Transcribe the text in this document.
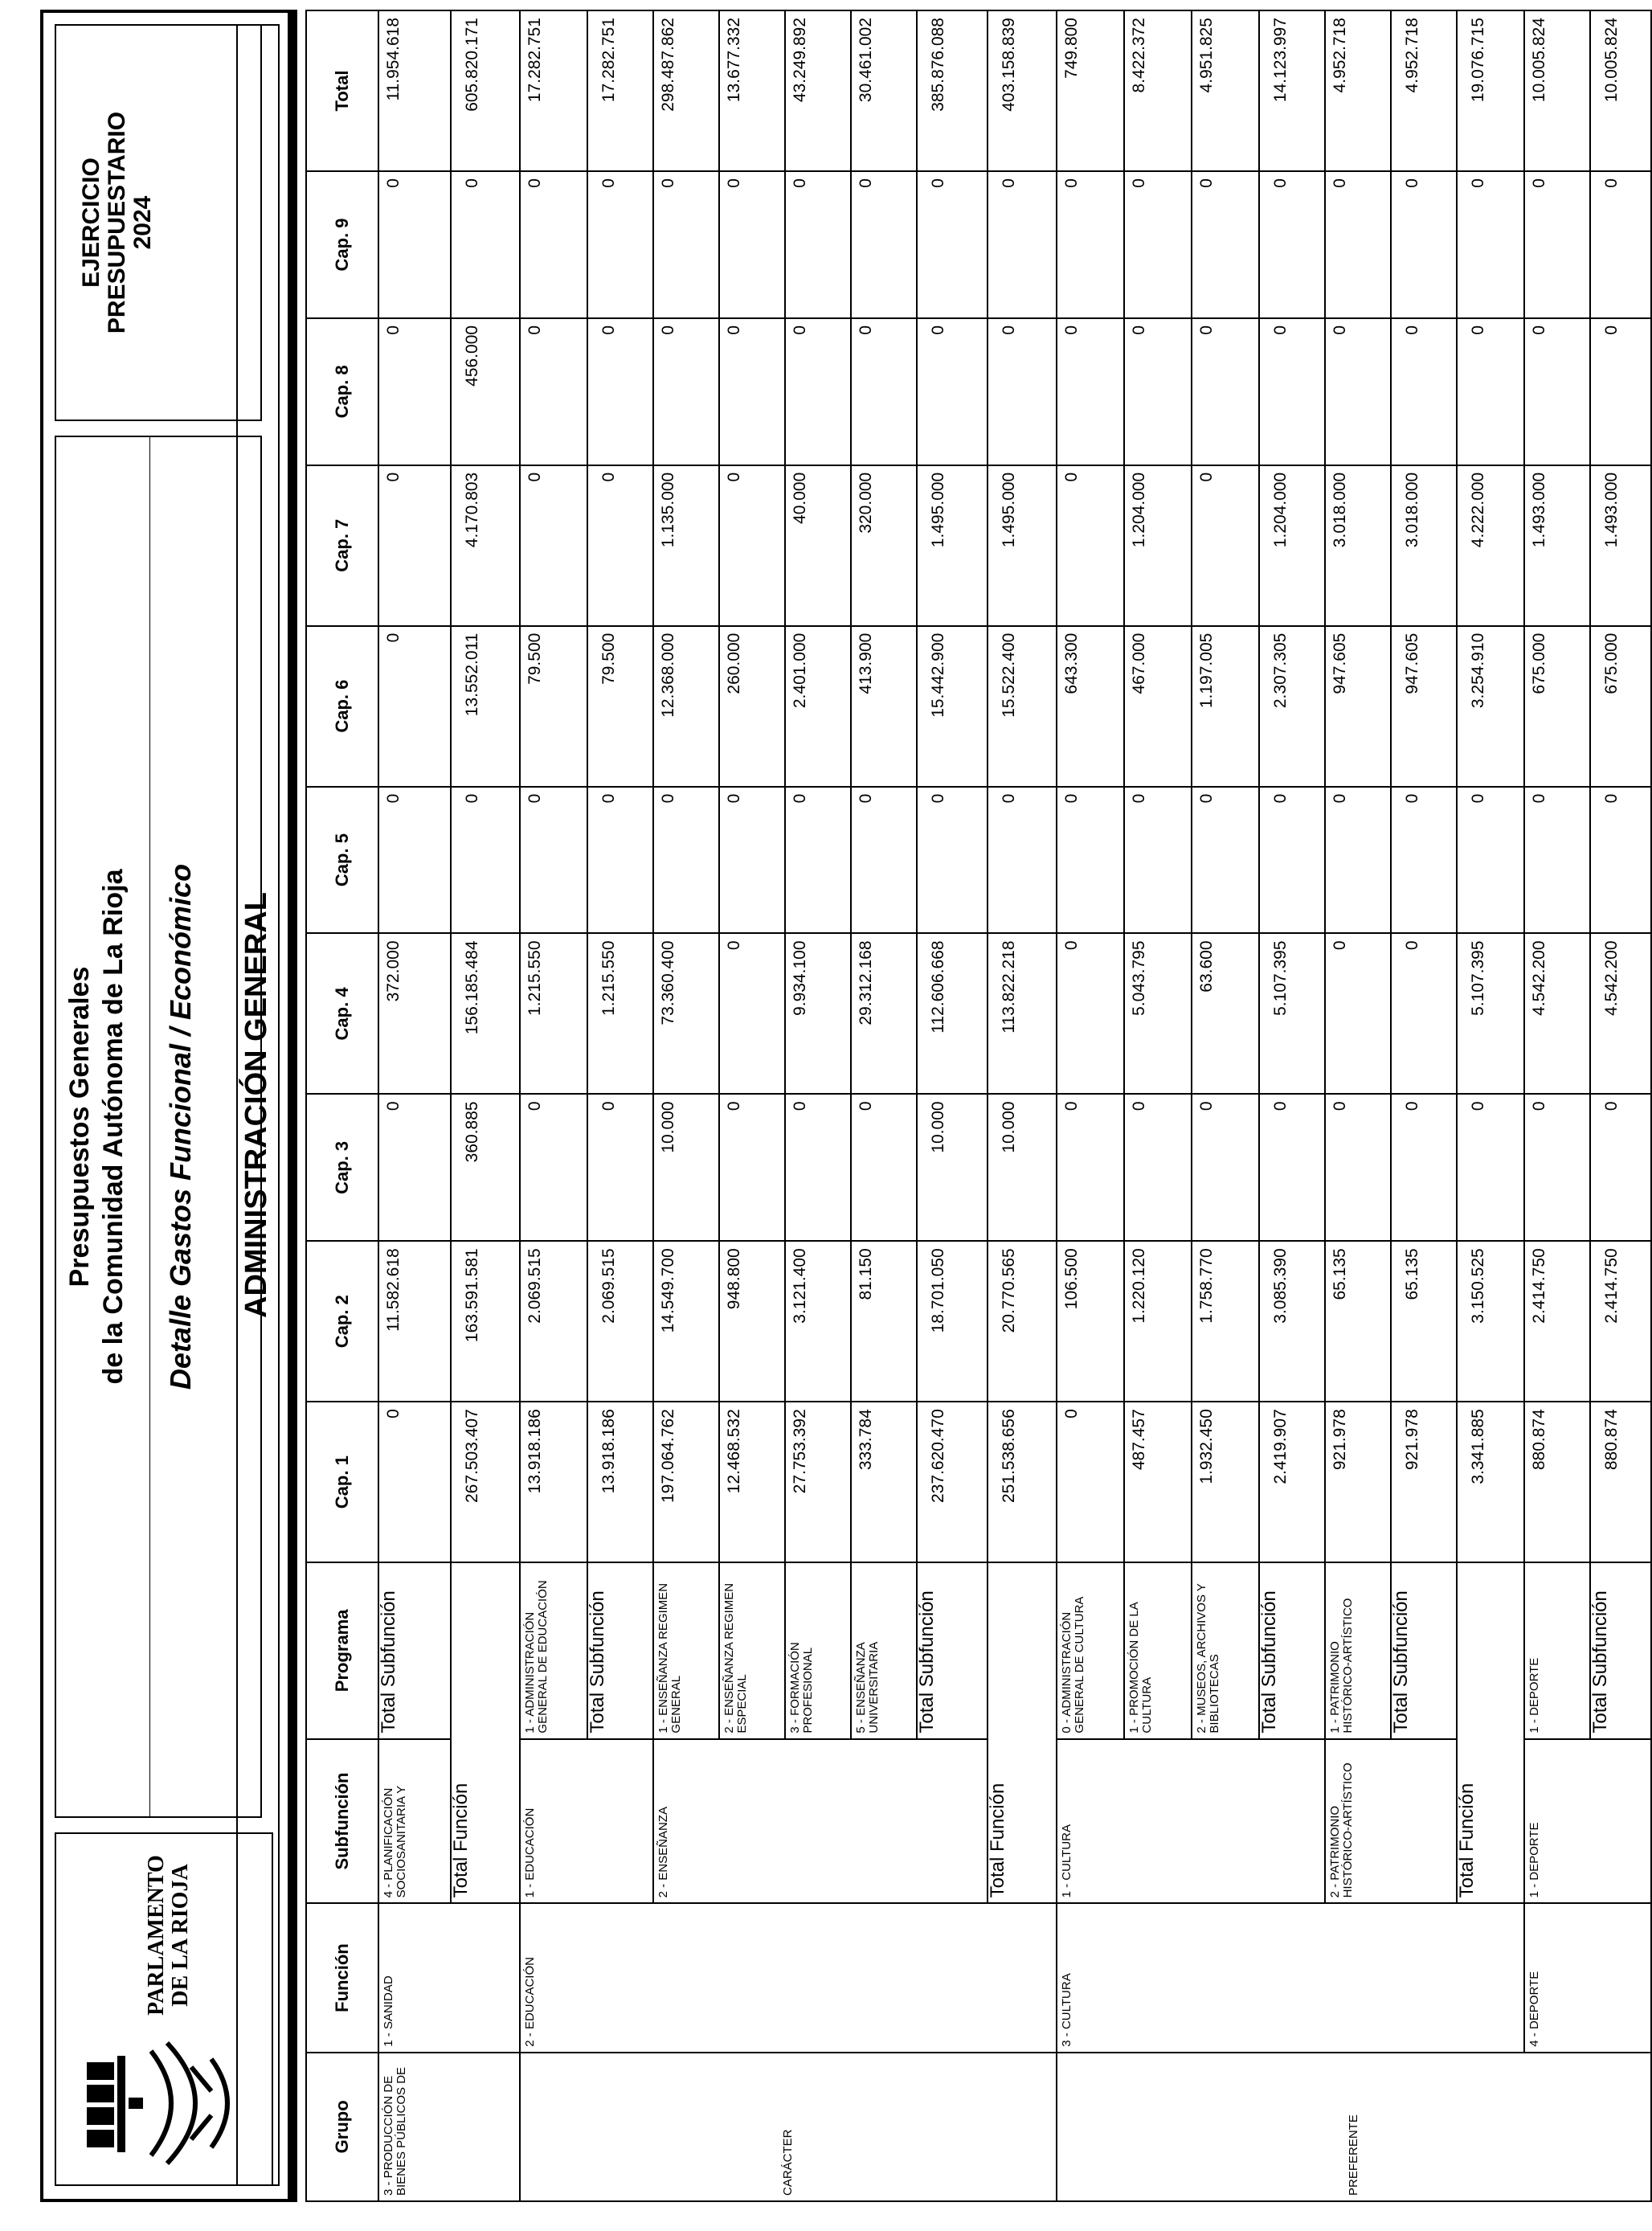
PARLAMENTO DE LA RIOJA
Presupuestos Generales de la Comunidad Autónoma de La Rioja Detalle Gastos Funcional / Económico
EJERCICIO PRESUPUESTARIO 2024
ADMINISTRACIÓN GENERAL
Grupo	Función	Subfunción	Programa	Cap. 1	Cap. 2	Cap. 3	Cap. 4	Cap. 5	Cap. 6	Cap. 7	Cap. 8	Cap. 9	Total
3 - PRODUCCIÓN DE BIENES PÚBLICOS DE	1 - SANIDAD	4 - PLANIFICACIÓN SOCIOSANITARIA Y	Total Subfunción	0	11.582.618	0	372.000	0	0	0	0	0	11.954.618
		Total Función		267.503.407	163.591.581	360.885	156.185.484	0	13.552.011	4.170.803	456.000	0	605.820.171
CARÁCTER	2 - EDUCACIÓN	1 - EDUCACIÓN	1 - ADMINISTRACIÓN GENERAL DE EDUCACIÓN	13.918.186	2.069.515	0	1.215.550	0	79.500	0	0	0	17.282.751
			Total Subfunción	13.918.186	2.069.515	0	1.215.550	0	79.500	0	0	0	17.282.751
		2 - ENSEÑANZA	1 - ENSEÑANZA REGIMEN GENERAL	197.064.762	14.549.700	10.000	73.360.400	0	12.368.000	1.135.000	0	0	298.487.862
			2 - ENSEÑANZA REGIMEN ESPECIAL	12.468.532	948.800	0	0	0	260.000	0	0	0	13.677.332
			3 - FORMACIÓN PROFESIONAL	27.753.392	3.121.400	0	9.934.100	0	2.401.000	40.000	0	0	43.249.892
			5 - ENSEÑANZA UNIVERSITARIA	333.784	81.150	0	29.312.168	0	413.900	320.000	0	0	30.461.002
			Total Subfunción	237.620.470	18.701.050	10.000	112.606.668	0	15.442.900	1.495.000	0	0	385.876.088
		Total Función		251.538.656	20.770.565	10.000	113.822.218	0	15.522.400	1.495.000	0	0	403.158.839
PREFERENTE	3 - CULTURA	1 - CULTURA	0 - ADMINISTRACIÓN GENERAL DE CULTURA	0	106.500	0	0	0	643.300	0	0	0	749.800
			1 - PROMOCIÓN DE LA CULTURA	487.457	1.220.120	0	5.043.795	0	467.000	1.204.000	0	0	8.422.372
			2 - MUSEOS, ARCHIVOS Y BIBLIOTECAS	1.932.450	1.758.770	0	63.600	0	1.197.005	0	0	0	4.951.825
			Total Subfunción	2.419.907	3.085.390	0	5.107.395	0	2.307.305	1.204.000	0	0	14.123.997
		2 - PATRIMONIO HISTÓRICO-ARTÍSTICO	1 - PATRIMONIO HISTÓRICO-ARTÍSTICO	921.978	65.135	0	0	0	947.605	3.018.000	0	0	4.952.718
			Total Subfunción	921.978	65.135	0	0	0	947.605	3.018.000	0	0	4.952.718
		Total Función		3.341.885	3.150.525	0	5.107.395	0	3.254.910	4.222.000	0	0	19.076.715
	4 - DEPORTE	1 - DEPORTE	1 - DEPORTE	880.874	2.414.750	0	4.542.200	0	675.000	1.493.000	0	0	10.005.824
			Total Subfunción	880.874	2.414.750	0	4.542.200	0	675.000	1.493.000	0	0	10.005.824
